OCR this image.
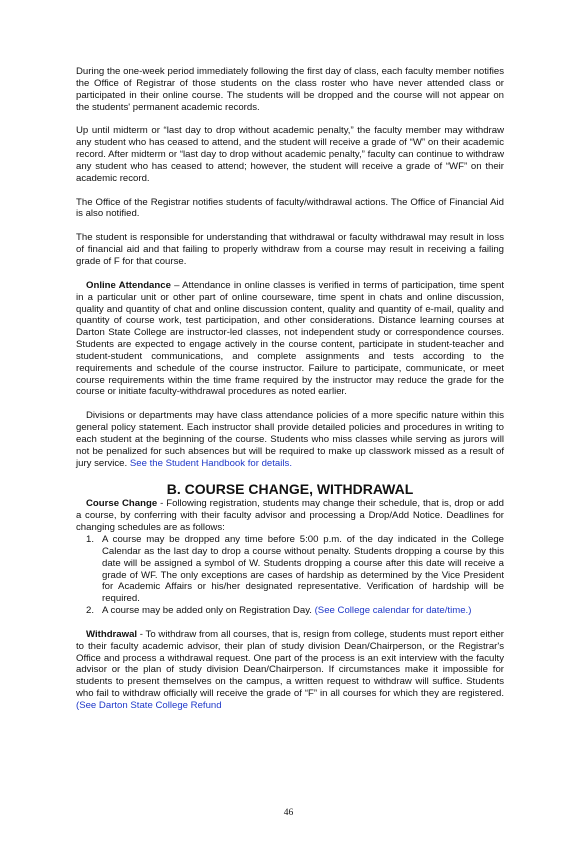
During the one-week period immediately following the first day of class, each faculty member notifies the Office of Registrar of those students on the class roster who have never attended class or participated in their online course. The students will be dropped and the course will not appear on the students' permanent academic records.

Up until midterm or “last day to drop without academic penalty,” the faculty member may withdraw any student who has ceased to attend, and the student will receive a grade of “W” on their academic record. After midterm or “last day to drop without academic penalty,” faculty can continue to withdraw any student who has ceased to attend; however, the student will receive a grade of “WF” on their academic record.

The Office of the Registrar notifies students of faculty/withdrawal actions. The Office of Financial Aid is also notified.

The student is responsible for understanding that withdrawal or faculty withdrawal may result in loss of financial aid and that failing to properly withdraw from a course may result in receiving a failing grade of F for that course.

Online Attendance – Attendance in online classes is verified in terms of participation, time spent in a particular unit or other part of online courseware, time spent in chats and online discussion, quality and quantity of chat and online discussion content, quality and quantity of e-mail, quality and quantity of course work, test participation, and other considerations. Distance learning courses at Darton State College are instructor-led classes, not independent study or correspondence courses. Students are expected to engage actively in the course content, participate in student-teacher and student-student communications, and complete assignments and tests according to the requirements and schedule of the course instructor. Failure to participate, communicate, or meet course requirements within the time frame required by the instructor may reduce the grade for the course or initiate faculty-withdrawal procedures as noted earlier.

Divisions or departments may have class attendance policies of a more specific nature within this general policy statement. Each instructor shall provide detailed policies and procedures in writing to each student at the beginning of the course. Students who miss classes while serving as jurors will not be penalized for such absences but will be required to make up classwork missed as a result of jury service. See the Student Handbook for details.

B. COURSE CHANGE, WITHDRAWAL

Course Change - Following registration, students may change their schedule, that is, drop or add a course, by conferring with their faculty advisor and processing a Drop/Add Notice. Deadlines for changing schedules are as follows:

1. A course may be dropped any time before 5:00 p.m. of the day indicated in the College Calendar as the last day to drop a course without penalty. Students dropping a course by this date will be assigned a symbol of W. Students dropping a course after this date will receive a grade of WF. The only exceptions are cases of hardship as determined by the Vice President for Academic Affairs or his/her designated representative. Verification of hardship will be required.
2. A course may be added only on Registration Day. (See College calendar for date/time.)

Withdrawal - To withdraw from all courses, that is, resign from college, students must report either to their faculty academic advisor, their plan of study division Dean/Chairperson, or the Registrar's Office and process a withdrawal request. One part of the process is an exit interview with the faculty advisor or the plan of study division Dean/Chairperson. If circumstances make it impossible for students to present themselves on the campus, a written request to withdraw will suffice. Students who fail to withdraw officially will receive the grade of “F” in all courses for which they are registered. (See Darton State College Refund

46
